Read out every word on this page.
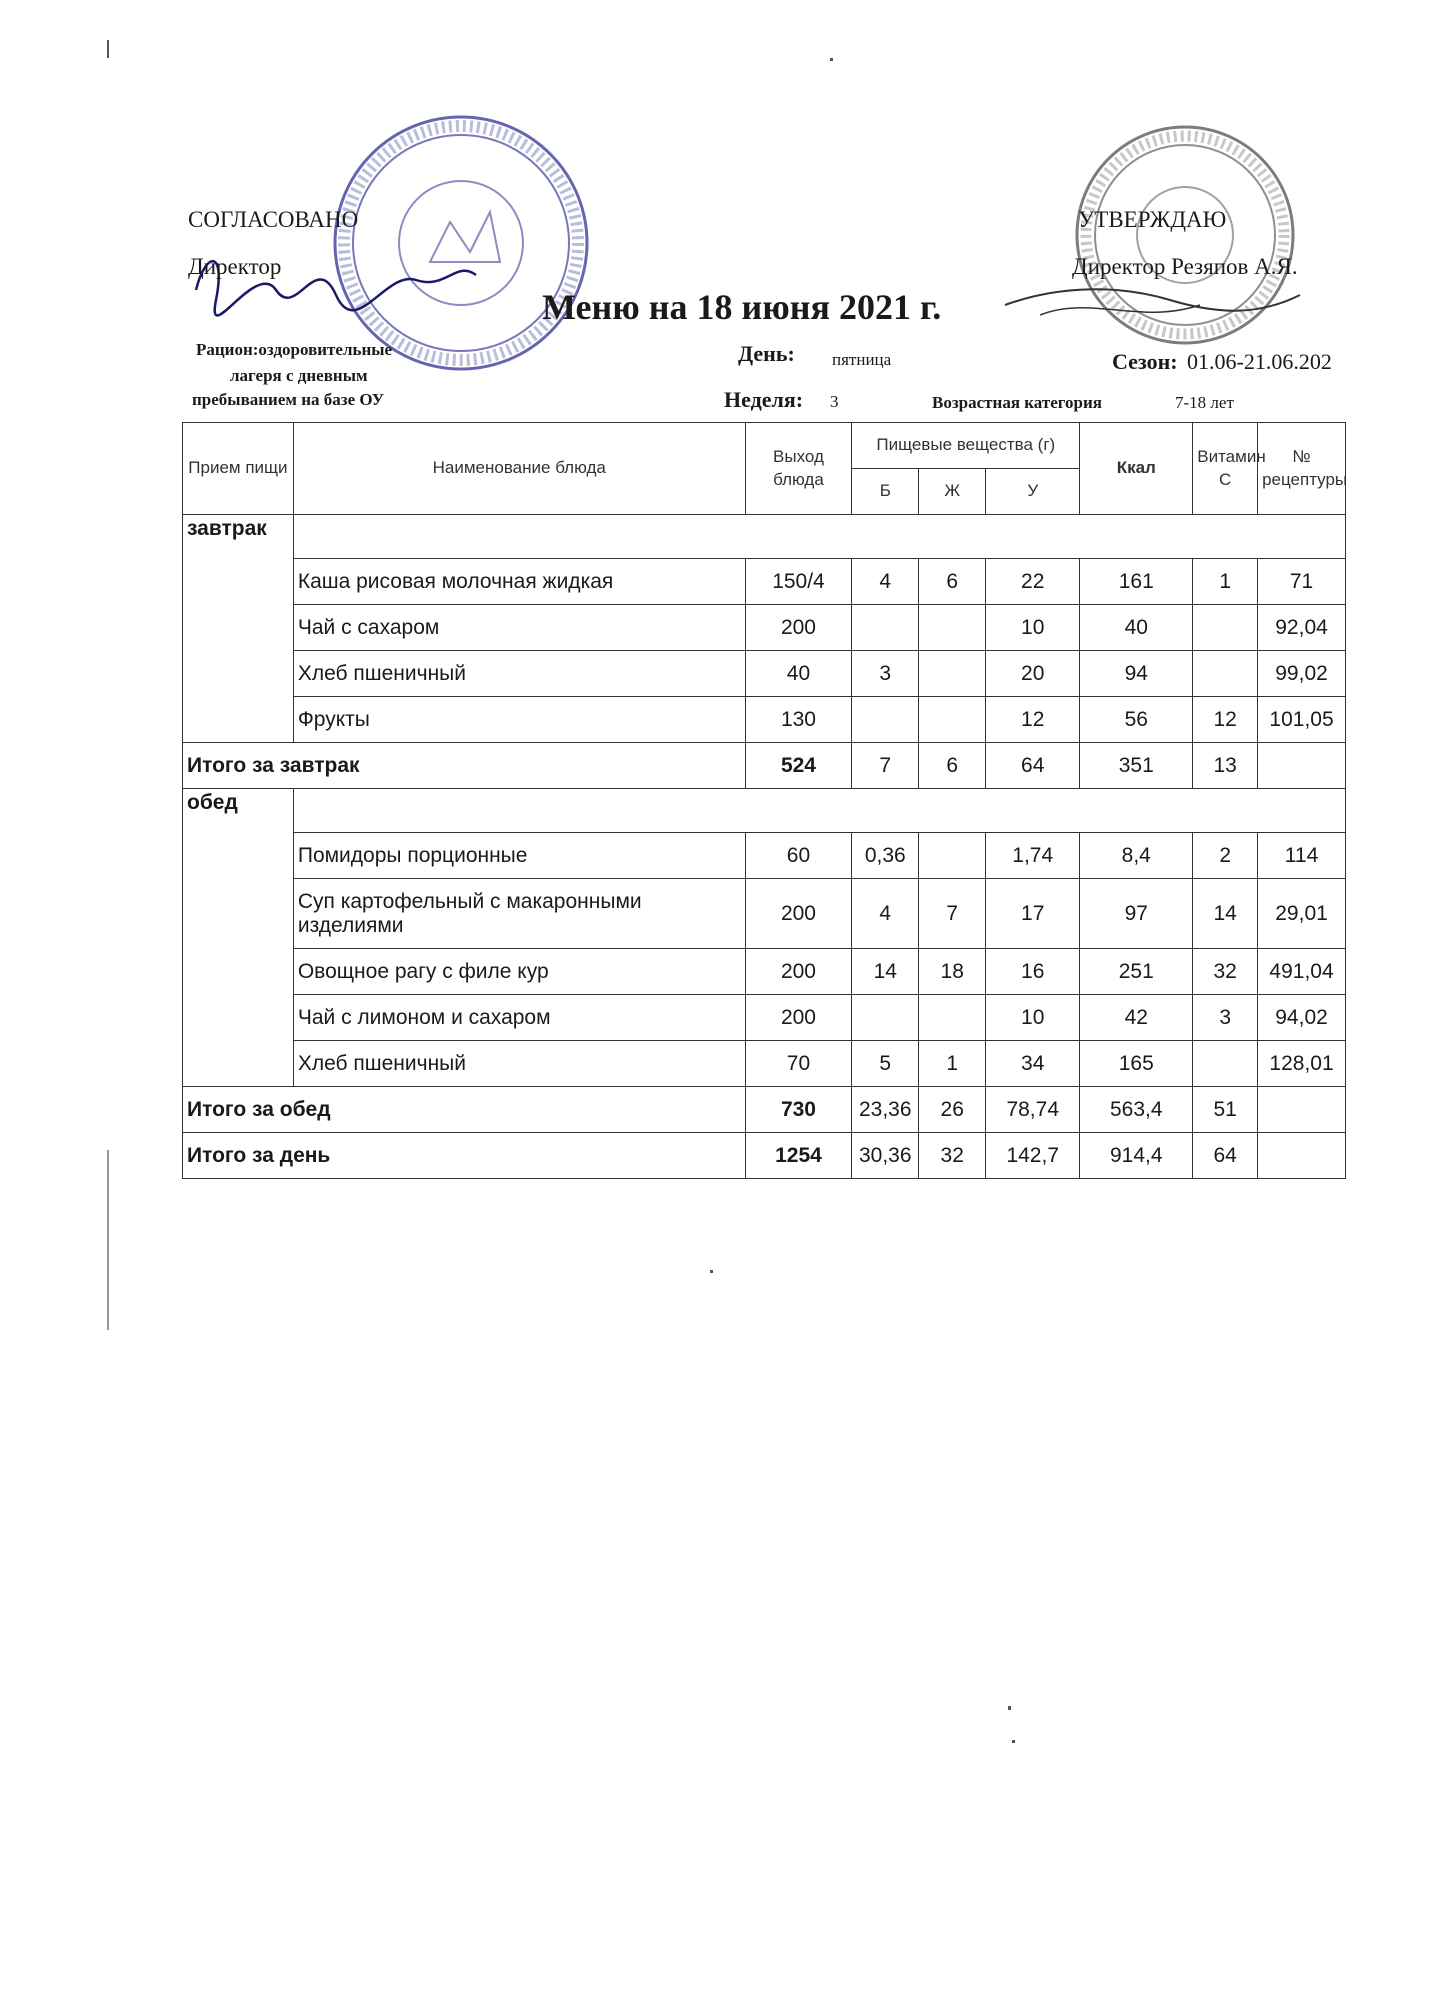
СОГЛАСОВАНО
Директор
УТВЕРЖДАЮ
Директор Резяпов А.Я.
Меню на 18 июня 2021 г.
Рацион:оздоровительные
лагеря с дневным
пребыванием на базе ОУ
День: пятница	Сезон: 01.06-21.06.202
Неделя: 3	Возрастная категория	7-18 лет
Прием пищи	Наименование блюда	Выход блюда	Пищевые вещества (г)			Ккал	Витамин С	№ рецептуры
			Б	Ж	У			
завтрак								
	Каша рисовая молочная жидкая	150/4	4	6	22	161	1	71
	Чай с сахаром	200			10	40		92,04
	Хлеб пшеничный	40	3		20	94		99,02
	Фрукты	130			12	56	12	101,05
Итого за завтрак		524	7	6	64	351	13	
обед								
	Помидоры порционные	60	0,36		1,74	8,4	2	114
	Суп картофельный с макаронными изделиями	200	4	7	17	97	14	29,01
	Овощное рагу с филе кур	200	14	18	16	251	32	491,04
	Чай с лимоном и сахаром	200			10	42	3	94,02
	Хлеб пшеничный	70	5	1	34	165		128,01
Итого за обед		730	23,36	26	78,74	563,4	51	
Итого за день		1254	30,36	32	142,7	914,4	64	
